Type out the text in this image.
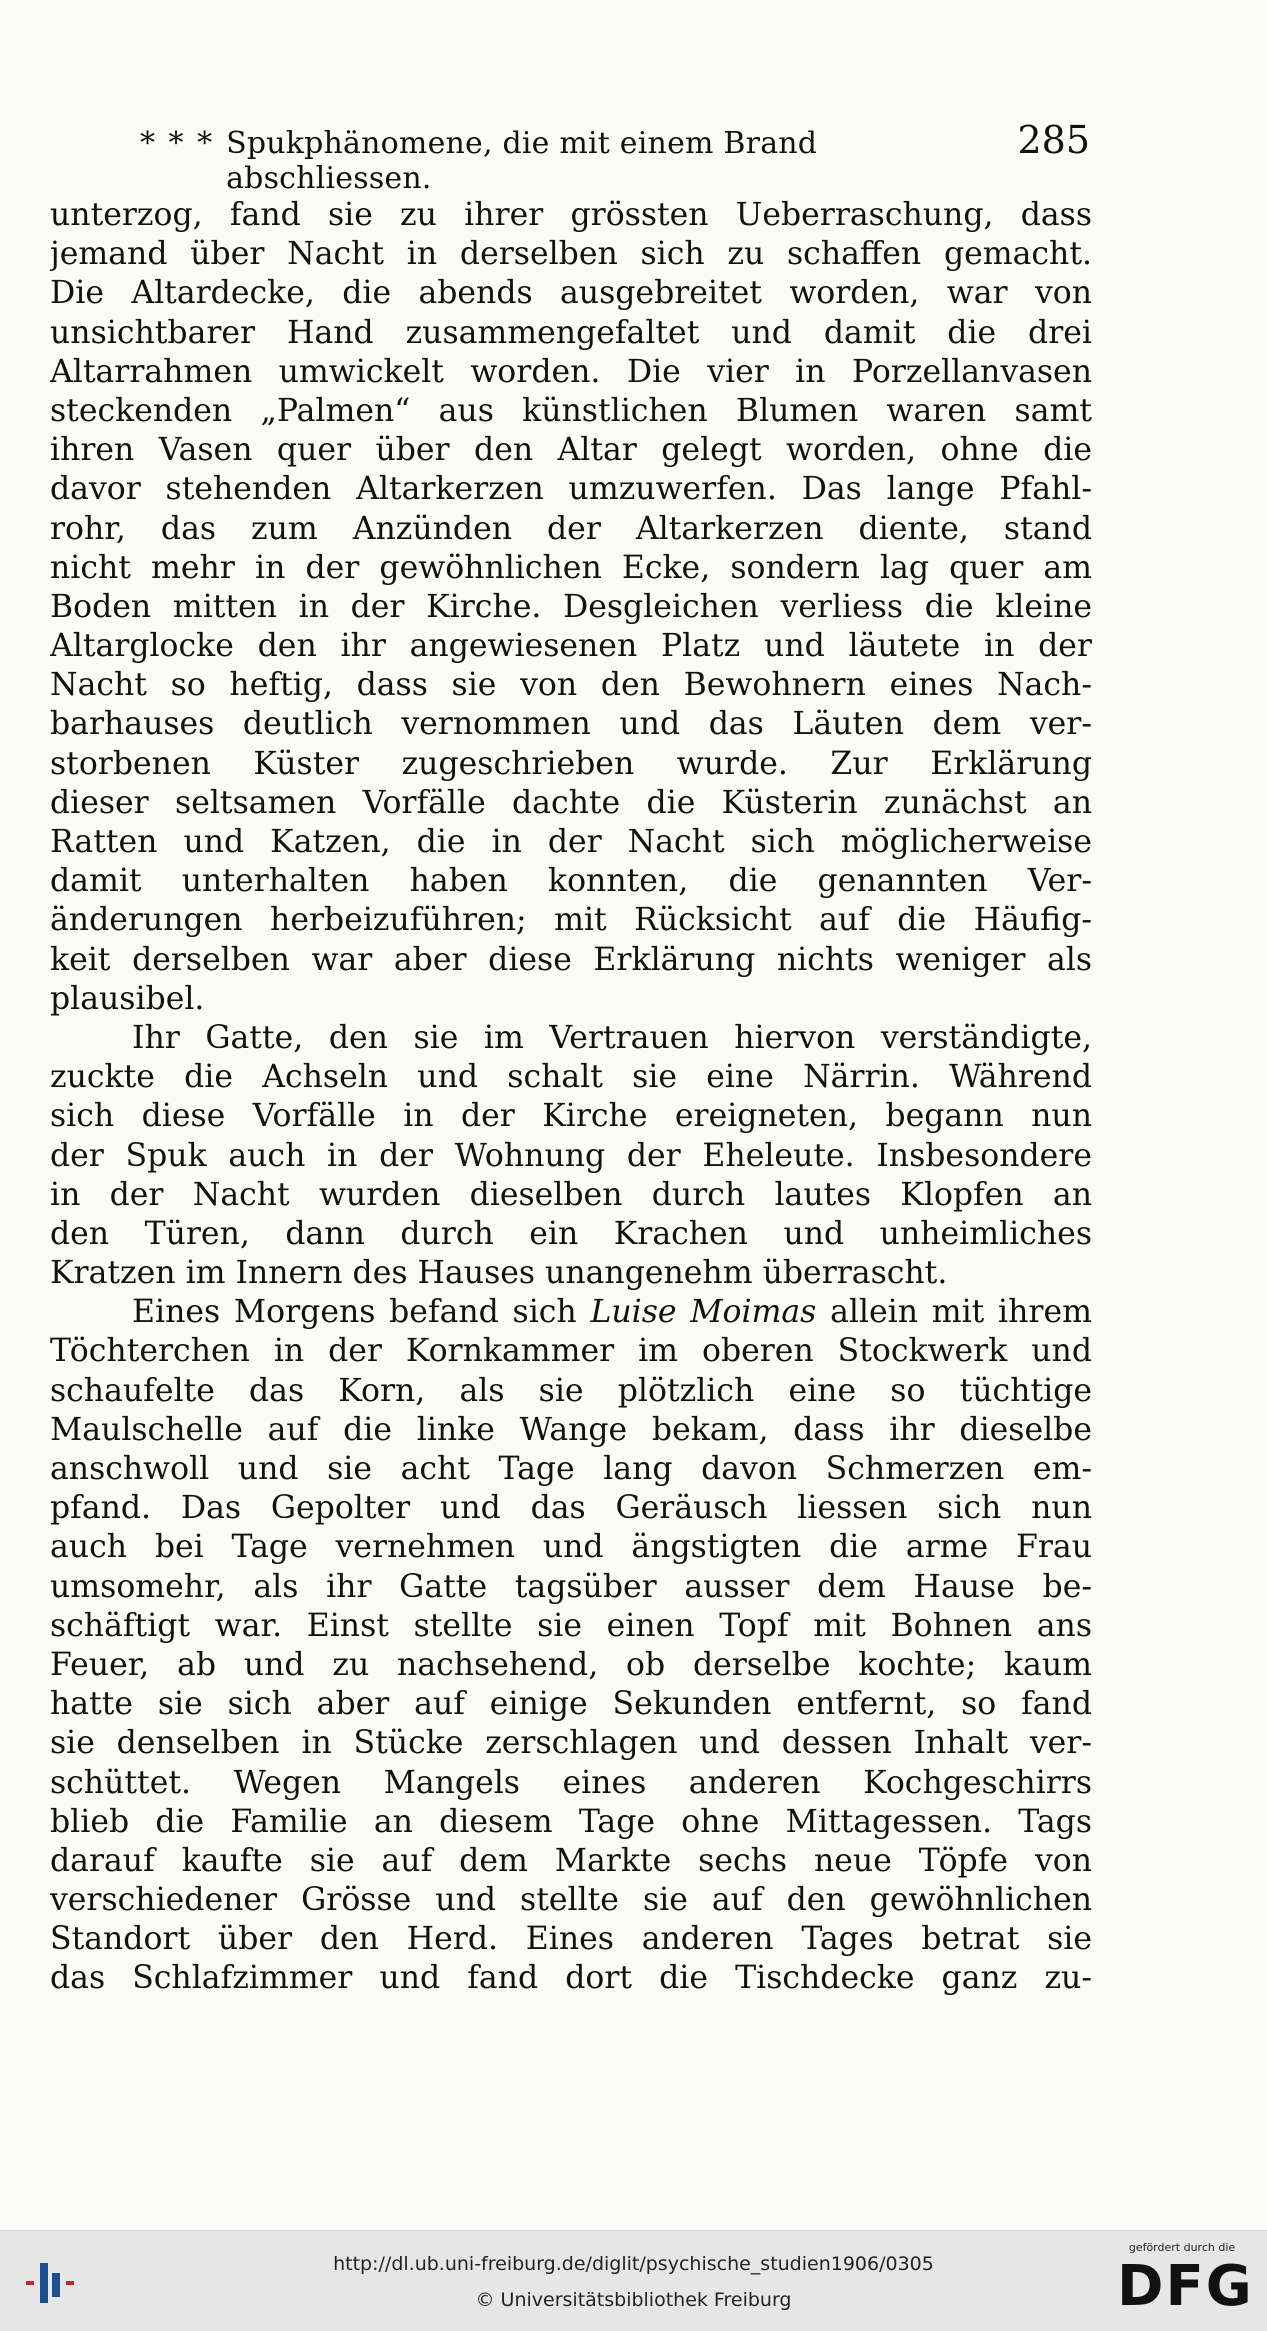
* * * Spukphänomene, die mit einem Brand abschliessen.
285
unterzog, fand sie zu ihrer grössten Ueberraschung, dass
jemand über Nacht in derselben sich zu schaffen gemacht.
Die Altardecke, die abends ausgebreitet worden, war von
unsichtbarer Hand zusammengefaltet und damit die drei
Altarrahmen umwickelt worden. Die vier in Porzellanvasen
steckenden „Palmen“ aus künstlichen Blumen waren samt
ihren Vasen quer über den Altar gelegt worden, ohne die
davor stehenden Altarkerzen umzuwerfen. Das lange Pfahl-
rohr, das zum Anzünden der Altarkerzen diente, stand
nicht mehr in der gewöhnlichen Ecke, sondern lag quer am
Boden mitten in der Kirche. Desgleichen verliess die kleine
Altarglocke den ihr angewiesenen Platz und läutete in der
Nacht so heftig, dass sie von den Bewohnern eines Nach-
barhauses deutlich vernommen und das Läuten dem ver-
storbenen Küster zugeschrieben wurde. Zur Erklärung
dieser seltsamen Vorfälle dachte die Küsterin zunächst an
Ratten und Katzen, die in der Nacht sich möglicherweise
damit unterhalten haben konnten, die genannten Ver-
änderungen herbeizuführen; mit Rücksicht auf die Häufig-
keit derselben war aber diese Erklärung nichts weniger als
plausibel.
Ihr Gatte, den sie im Vertrauen hiervon verständigte,
zuckte die Achseln und schalt sie eine Närrin. Während
sich diese Vorfälle in der Kirche ereigneten, begann nun
der Spuk auch in der Wohnung der Eheleute. Insbesondere
in der Nacht wurden dieselben durch lautes Klopfen an
den Türen, dann durch ein Krachen und unheimliches
Kratzen im Innern des Hauses unangenehm überrascht.
Eines Morgens befand sich Luise Moimas allein mit ihrem
Töchterchen in der Kornkammer im oberen Stockwerk und
schaufelte das Korn, als sie plötzlich eine so tüchtige
Maulschelle auf die linke Wange bekam, dass ihr dieselbe
anschwoll und sie acht Tage lang davon Schmerzen em-
pfand. Das Gepolter und das Geräusch liessen sich nun
auch bei Tage vernehmen und ängstigten die arme Frau
umsomehr, als ihr Gatte tagsüber ausser dem Hause be-
schäftigt war. Einst stellte sie einen Topf mit Bohnen ans
Feuer, ab und zu nachsehend, ob derselbe kochte; kaum
hatte sie sich aber auf einige Sekunden entfernt, so fand
sie denselben in Stücke zerschlagen und dessen Inhalt ver-
schüttet. Wegen Mangels eines anderen Kochgeschirrs
blieb die Familie an diesem Tage ohne Mittagessen. Tags
darauf kaufte sie auf dem Markte sechs neue Töpfe von
verschiedener Grösse und stellte sie auf den gewöhnlichen
Standort über den Herd. Eines anderen Tages betrat sie
das Schlafzimmer und fand dort die Tischdecke ganz zu-
http://dl.ub.uni-freiburg.de/diglit/psychische_studien1906/0305
© Universitätsbibliothek Freiburg
gefördert durch die
DFG
